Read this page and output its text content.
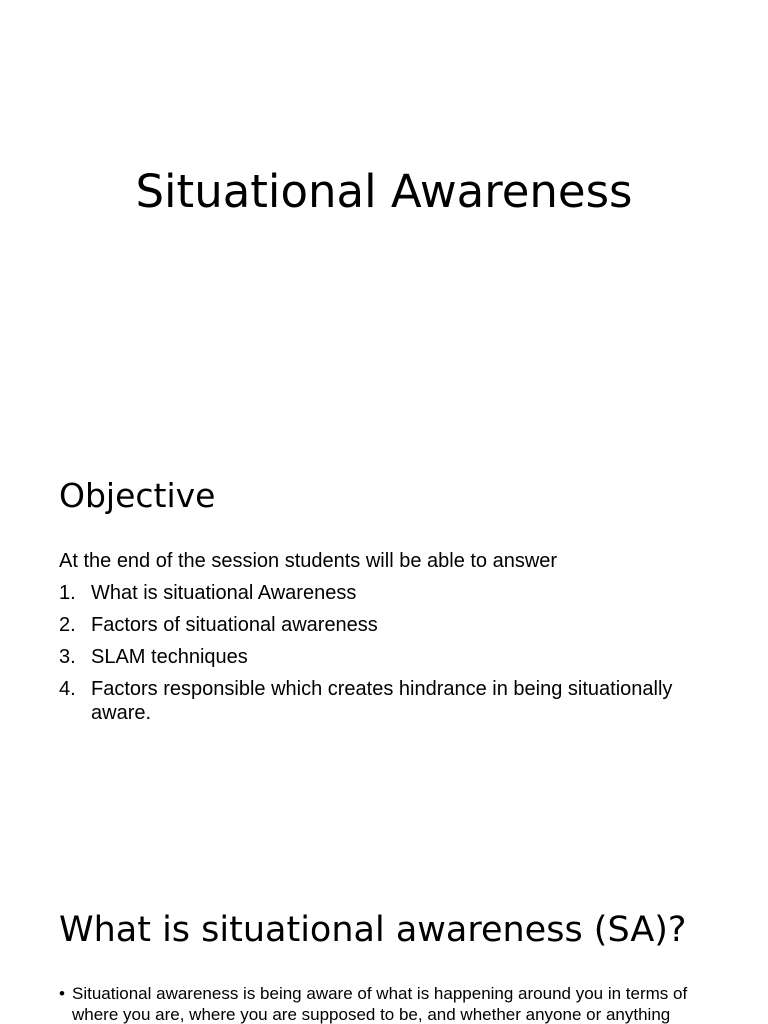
Situational Awareness
Objective

At the end of the session students will be able to answer

1. What is situational Awareness
2. Factors of situational awareness
3. SLAM techniques
4. Factors responsible which creates hindrance in being situationally aware.
What is situational awareness (SA)?
• Situational awareness is being aware of what is happening around you in terms of where you are, where you are supposed to be, and whether anyone or anything
